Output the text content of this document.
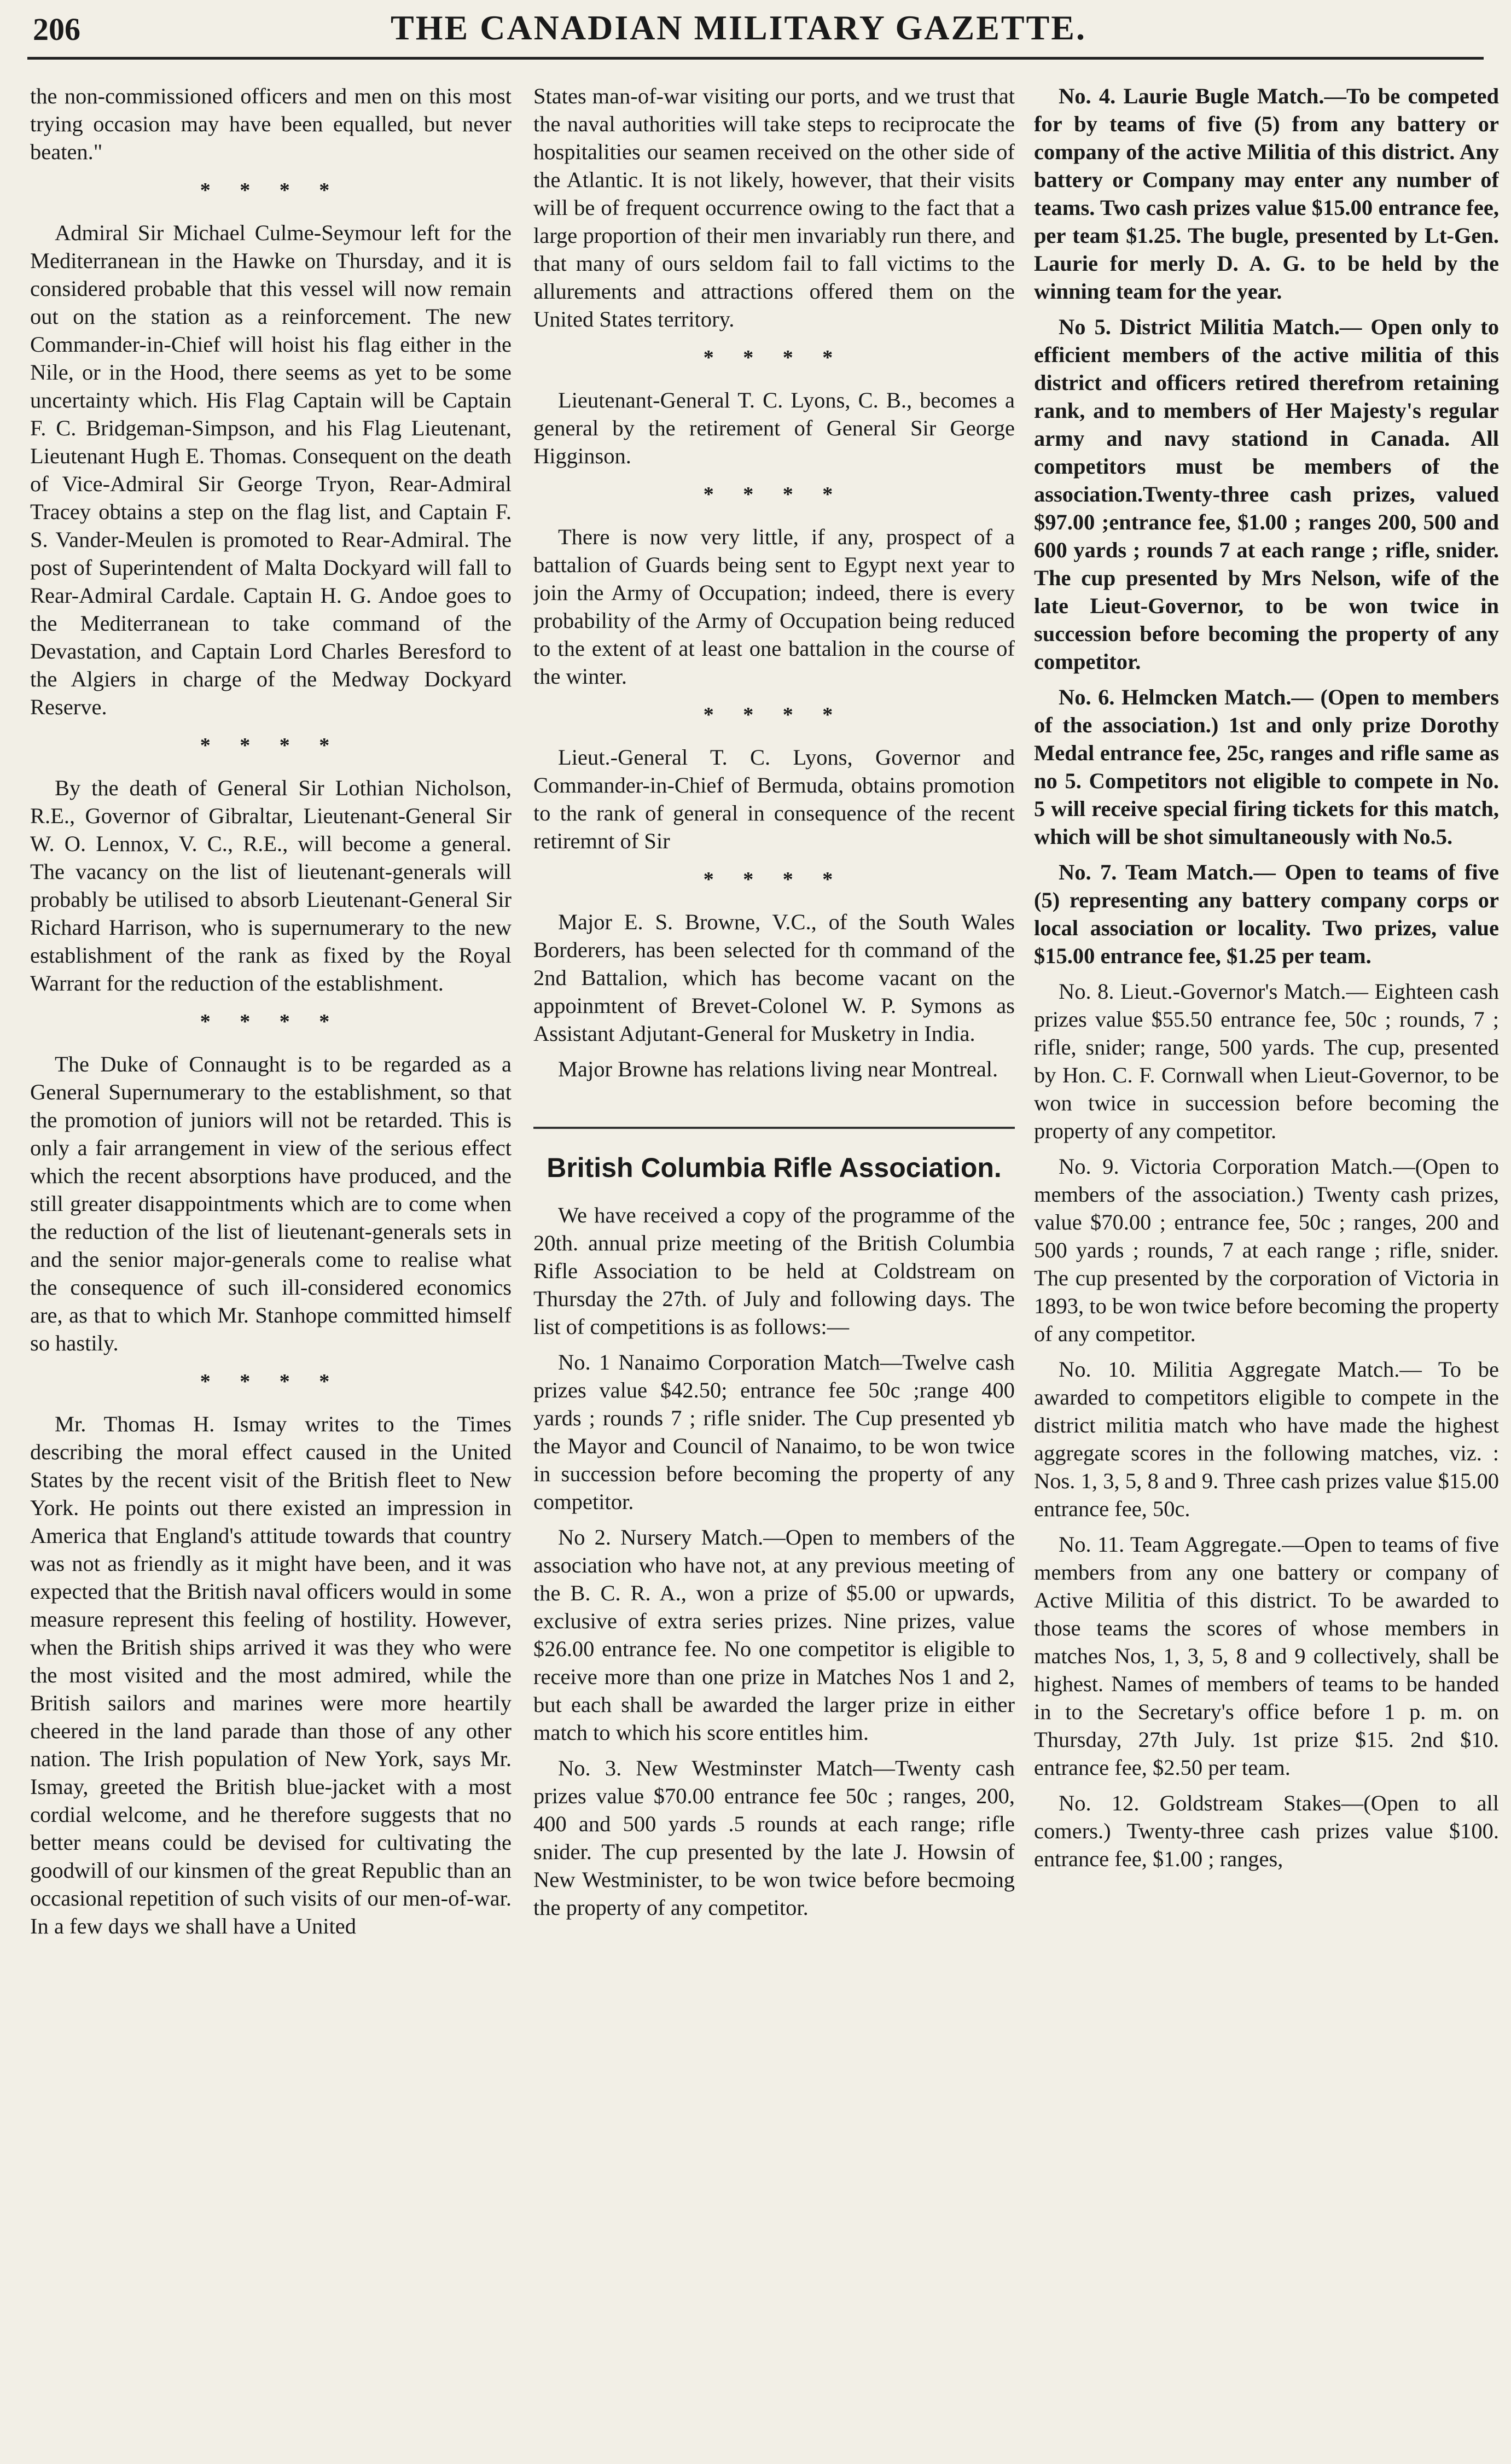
206	THE CANADIAN MILITARY GAZETTE.

the non-commissioned officers and men on this most trying occasion may have been equalled, but never beaten."

* * * *

Admiral Sir Michael Culme-Seymour left for the Mediterranean in the Hawke on Thursday, and it is considered probable that this vessel will now remain out on the station as a reinforcement. The new Commander-in-Chief will hoist his flag either in the Nile, or in the Hood, there seems as yet to be some uncertainty which. His Flag Captain will be Captain F. C. Bridgeman-Simpson, and his Flag Lieutenant, Lieutenant Hugh E. Thomas. Consequent on the death of Vice-Admiral Sir George Tryon, Rear-Admiral Tracey obtains a step on the flag list, and Captain F. S. Vander-Meulen is promoted to Rear-Admiral. The post of Superintendent of Malta Dockyard will fall to Rear-Admiral Cardale. Captain H. G. Andoe goes to the Mediterranean to take command of the Devastation, and Captain Lord Charles Beresford to the Algiers in charge of the Medway Dockyard Reserve.

* * * *

By the death of General Sir Lothian Nicholson, R.E., Governor of Gibraltar, Lieutenant-General Sir W. O. Lennox, V. C., R.E., will become a general. The vacancy on the list of lieutenant-generals will probably be utilised to absorb Lieutenant-General Sir Richard Harrison, who is supernumerary to the new establishment of the rank as fixed by the Royal Warrant for the reduction of the establishment.

* * * *

The Duke of Connaught is to be regarded as a General Supernumerary to the establishment, so that the promotion of juniors will not be retarded. This is only a fair arrangement in view of the serious effect which the recent absorptions have produced, and the still greater disappointments which are to come when the reduction of the list of lieutenant-generals sets in and the senior major-generals come to realise what the consequence of such ill-considered economics are, as that to which Mr. Stanhope committed himself so hastily.

* * * *

Mr. Thomas H. Ismay writes to the Times describing the moral effect caused in the United States by the recent visit of the British fleet to New York. He points out there existed an impression in America that England's attitude towards that country was not as friendly as it might have been, and it was expected that the British naval officers would in some measure represent this feeling of hostility. However, when the British ships arrived it was they who were the most visited and the most admired, while the British sailors and marines were more heartily cheered in the land parade than those of any other nation. The Irish population of New York, says Mr. Ismay, greeted the British blue-jacket with a most cordial welcome, and he therefore suggests that no better means could be devised for cultivating the goodwill of our kinsmen of the great Republic than an occasional repetition of such visits of our men-of-war. In a few days we shall have a United

States man-of-war visiting our ports, and we trust that the naval authorities will take steps to reciprocate the hospitalities our seamen received on the other side of the Atlantic. It is not likely, however, that their visits will be of frequent occurrence owing to the fact that a large proportion of their men invariably run there, and that many of ours seldom fail to fall victims to the allurements and attractions offered them on the United States territory.

* * * *

Lieutenant-General T. C. Lyons, C. B., becomes a general by the retirement of General Sir George Higginson.

* * * *

There is now very little, if any, prospect of a battalion of Guards being sent to Egypt next year to join the Army of Occupation; indeed, there is every probability of the Army of Occupation being reduced to the extent of at least one battalion in the course of the winter.

* * * *

Lieut.-General T. C. Lyons, Governor and Commander-in-Chief of Bermuda, obtains promotion to the rank of general in consequence of the recent retiremnt of Sir

* * * *

Major E. S. Browne, V.C., of the South Wales Borderers, has been selected for th command of the 2nd Battalion, which has become vacant on the appoinmtent of Brevet-Colonel W. P. Symons as Assistant Adjutant-General for Musketry in India.

Major Browne has relations living near Montreal.

British Columbia Rifle Association.

We have received a copy of the programme of the 20th. annual prize meeting of the British Columbia Rifle Association to be held at Coldstream on Thursday the 27th. of July and following days. The list of competitions is as follows:—

No. 1 Nanaimo Corporation Match—Twelve cash prizes value $42.50; entrance fee 50c ;range 400 yards ; rounds 7 ; rifle snider. The Cup presented yb the Mayor and Council of Nanaimo, to be won twice in succession before becoming the property of any competitor.

No 2. Nursery Match.—Open to members of the association who have not, at any previous meeting of the B. C. R. A., won a prize of $5.00 or upwards, exclusive of extra series prizes. Nine prizes, value $26.00 entrance fee. No one competitor is eligible to receive more than one prize in Matches Nos 1 and 2, but each shall be awarded the larger prize in either match to which his score entitles him.

No. 3. New Westminster Match—Twenty cash prizes value $70.00 entrance fee 50c ; ranges, 200, 400 and 500 yards .5 rounds at each range; rifle snider. The cup presented by the late J. Howsin of New Westminister, to be won twice before becmoing the property of any competitor.

No. 4. Laurie Bugle Match.—To be competed for by teams of five (5) from any battery or company of the active Militia of this district. Any battery or Company may enter any number of teams. Two cash prizes value $15.00 entrance fee, per team $1.25. The bugle, presented by Lt-Gen. Laurie for merly D. A. G. to be held by the winning team for the year.

No 5. District Militia Match.— Open only to efficient members of the active militia of this district and officers retired therefrom retaining rank, and to members of Her Majesty's regular army and navy stationd in Canada. All competitors must be members of the association.Twenty-three cash prizes, valued $97.00 ;entrance fee, $1.00 ; ranges 200, 500 and 600 yards ; rounds 7 at each range ; rifle, snider. The cup presented by Mrs Nelson, wife of the late Lieut-Governor, to be won twice in succession before becoming the property of any competitor.

No. 6. Helmcken Match.— (Open to members of the association.) 1st and only prize Dorothy Medal entrance fee, 25c, ranges and rifle same as no 5. Competitors not eligible to compete in No. 5 will receive special firing tickets for this match, which will be shot simultaneously with No.5.

No. 7. Team Match.— Open to teams of five (5) representing any battery company corps or local association or locality. Two prizes, value $15.00 entrance fee, $1.25 per team.

No. 8. Lieut.-Governor's Match.— Eighteen cash prizes value $55.50 entrance fee, 50c ; rounds, 7 ; rifle, snider; range, 500 yards. The cup, presented by Hon. C. F. Cornwall when Lieut-Governor, to be won twice in succession before becoming the property of any competitor.

No. 9. Victoria Corporation Match.—(Open to members of the association.) Twenty cash prizes, value $70.00 ; entrance fee, 50c ; ranges, 200 and 500 yards ; rounds, 7 at each range ; rifle, snider. The cup presented by the corporation of Victoria in 1893, to be won twice before becoming the property of any competitor.

No. 10. Militia Aggregate Match.— To be awarded to competitors eligible to compete in the district militia match who have made the highest aggregate scores in the following matches, viz. : Nos. 1, 3, 5, 8 and 9. Three cash prizes value $15.00 entrance fee, 50c.

No. 11. Team Aggregate.—Open to teams of five members from any one battery or company of Active Militia of this district. To be awarded to those teams the scores of whose members in matches Nos, 1, 3, 5, 8 and 9 collectively, shall be highest. Names of members of teams to be handed in to the Secretary's office before 1 p. m. on Thursday, 27th July. 1st prize $15. 2nd $10. entrance fee, $2.50 per team.

No. 12. Goldstream Stakes—(Open to all comers.) Twenty-three cash prizes value $100. entrance fee, $1.00 ; ranges,
